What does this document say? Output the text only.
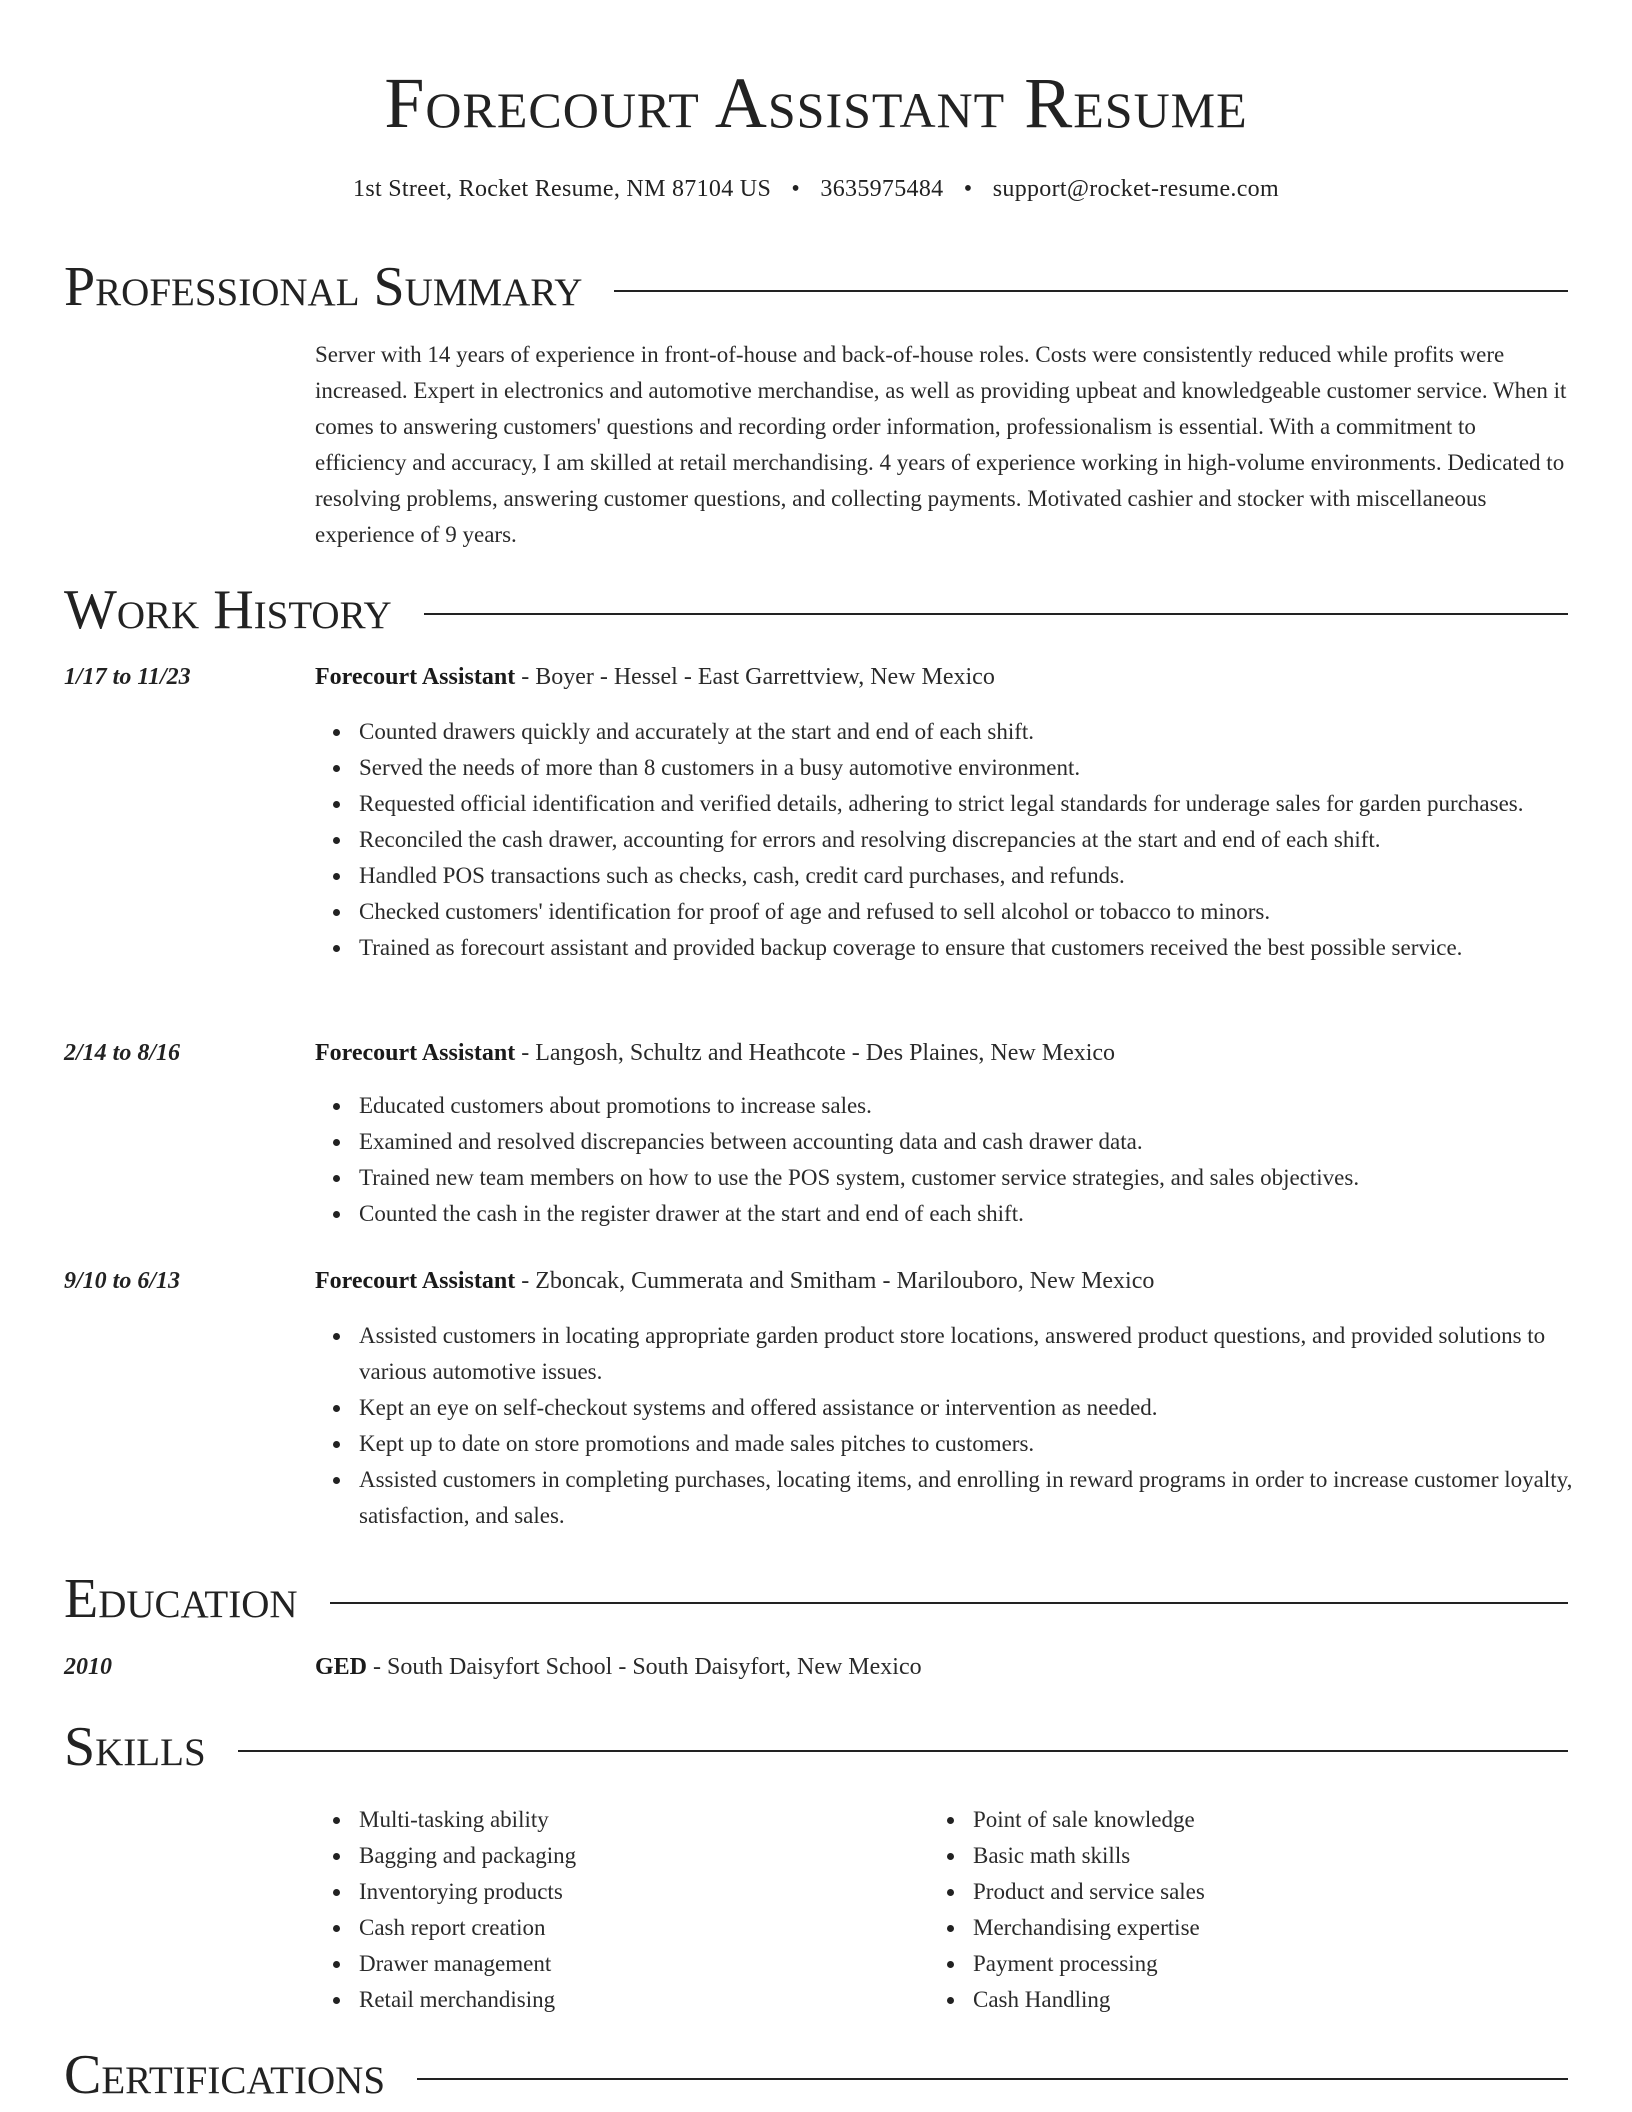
Forecourt Assistant Resume
1st Street, Rocket Resume, NM 87104 US • 3635975484 • support@rocket-resume.com
Professional Summary
Server with 14 years of experience in front-of-house and back-of-house roles. Costs were consistently reduced while profits were increased. Expert in electronics and automotive merchandise, as well as providing upbeat and knowledgeable customer service. When it comes to answering customers' questions and recording order information, professionalism is essential. With a commitment to efficiency and accuracy, I am skilled at retail merchandising. 4 years of experience working in high-volume environments. Dedicated to resolving problems, answering customer questions, and collecting payments. Motivated cashier and stocker with miscellaneous experience of 9 years.
Work History
1/17 to 11/23	Forecourt Assistant - Boyer - Hessel - East Garrettview, New Mexico
Counted drawers quickly and accurately at the start and end of each shift.
Served the needs of more than 8 customers in a busy automotive environment.
Requested official identification and verified details, adhering to strict legal standards for underage sales for garden purchases.
Reconciled the cash drawer, accounting for errors and resolving discrepancies at the start and end of each shift.
Handled POS transactions such as checks, cash, credit card purchases, and refunds.
Checked customers' identification for proof of age and refused to sell alcohol or tobacco to minors.
Trained as forecourt assistant and provided backup coverage to ensure that customers received the best possible service.
2/14 to 8/16	Forecourt Assistant - Langosh, Schultz and Heathcote - Des Plaines, New Mexico
Educated customers about promotions to increase sales.
Examined and resolved discrepancies between accounting data and cash drawer data.
Trained new team members on how to use the POS system, customer service strategies, and sales objectives.
Counted the cash in the register drawer at the start and end of each shift.
9/10 to 6/13	Forecourt Assistant - Zboncak, Cummerata and Smitham - Marilouboro, New Mexico
Assisted customers in locating appropriate garden product store locations, answered product questions, and provided solutions to various automotive issues.
Kept an eye on self-checkout systems and offered assistance or intervention as needed.
Kept up to date on store promotions and made sales pitches to customers.
Assisted customers in completing purchases, locating items, and enrolling in reward programs in order to increase customer loyalty, satisfaction, and sales.
Education
2010	GED - South Daisyfort School - South Daisyfort, New Mexico
Skills
Multi-tasking ability
Bagging and packaging
Inventorying products
Cash report creation
Drawer management
Retail merchandising
Point of sale knowledge
Basic math skills
Product and service sales
Merchandising expertise
Payment processing
Cash Handling
Certifications
